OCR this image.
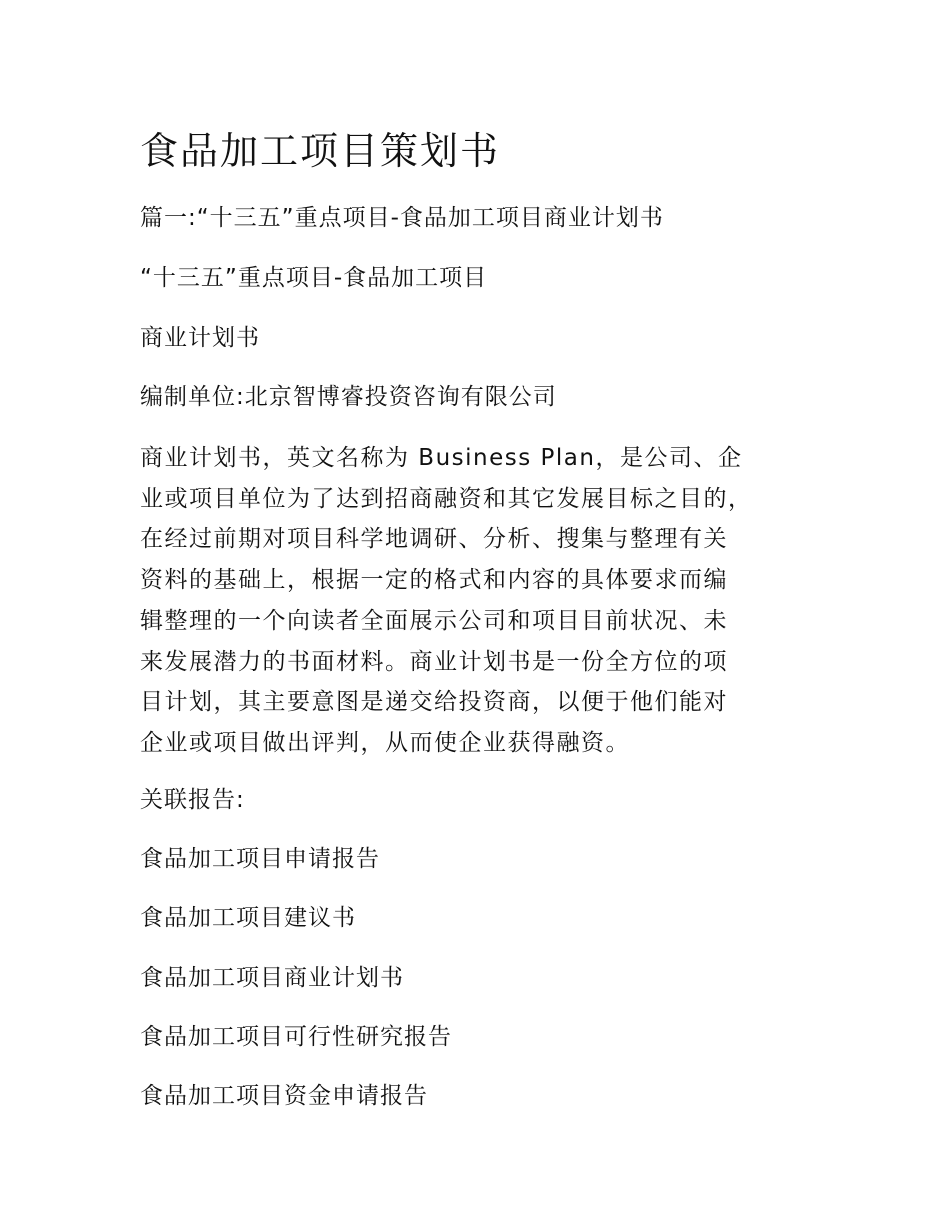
食品加工项目策划书

篇一:“十三五”重点项目-食品加工项目商业计划书

“十三五”重点项目-食品加工项目

商业计划书

编制单位:北京智博睿投资咨询有限公司

商业计划书，英文名称为 Business Plan，是公司、企
业或项目单位为了达到招商融资和其它发展目标之目的，
在经过前期对项目科学地调研、分析、搜集与整理有关
资料的基础上，根据一定的格式和内容的具体要求而编
辑整理的一个向读者全面展示公司和项目目前状况、未
来发展潜力的书面材料。商业计划书是一份全方位的项
目计划，其主要意图是递交给投资商，以便于他们能对
企业或项目做出评判，从而使企业获得融资。

关联报告:

食品加工项目申请报告

食品加工项目建议书

食品加工项目商业计划书

食品加工项目可行性研究报告

食品加工项目资金申请报告
